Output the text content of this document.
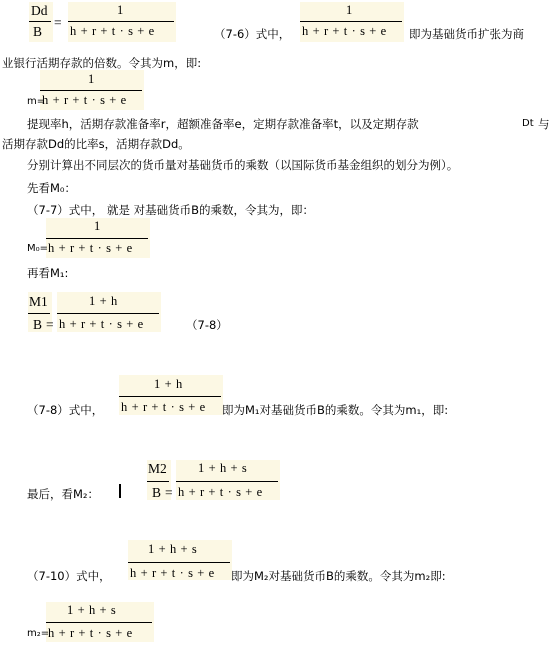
Dd
B
=
1
h + r + t · s + e	（7-6）式中，
1
h + r + t · s + e 即为基础货币扩张为商
业银行活期存款的倍数。令其为m，即:
1
m=
h + r + t · s + e
提现率h，活期存款准备率r，超额准备率e，定期存款准备率t，以及定期存款	Dt 与
活期存款Dd的比率s，活期存款Dd。
分别计算出不同层次的货币量对基础货币的乘数（以国际货币基金组织的划分为例）。
先看M₀：
（7-7）式中， 就是 对基础货币B的乘数，令其为，即：
1
M₀= h + r + t · s + e
再看M₁:
M1
B =
1 + h
h + r + t · s + e	（7-8）
（7-8）式中，
1 + h
h + r + t · s + e 即为M₁对基础货币B的乘数。令其为m₁，即:
M2
B =
1 + h + s
h + r + t · s + e
最后，看M₂：
（7-10）式中，
1 + h + s
h + r + t · s + e 即为M₂对基础货币B的乘数。令其为m₂即:
1 + h + s
m₂=
h + r + t · s + e
